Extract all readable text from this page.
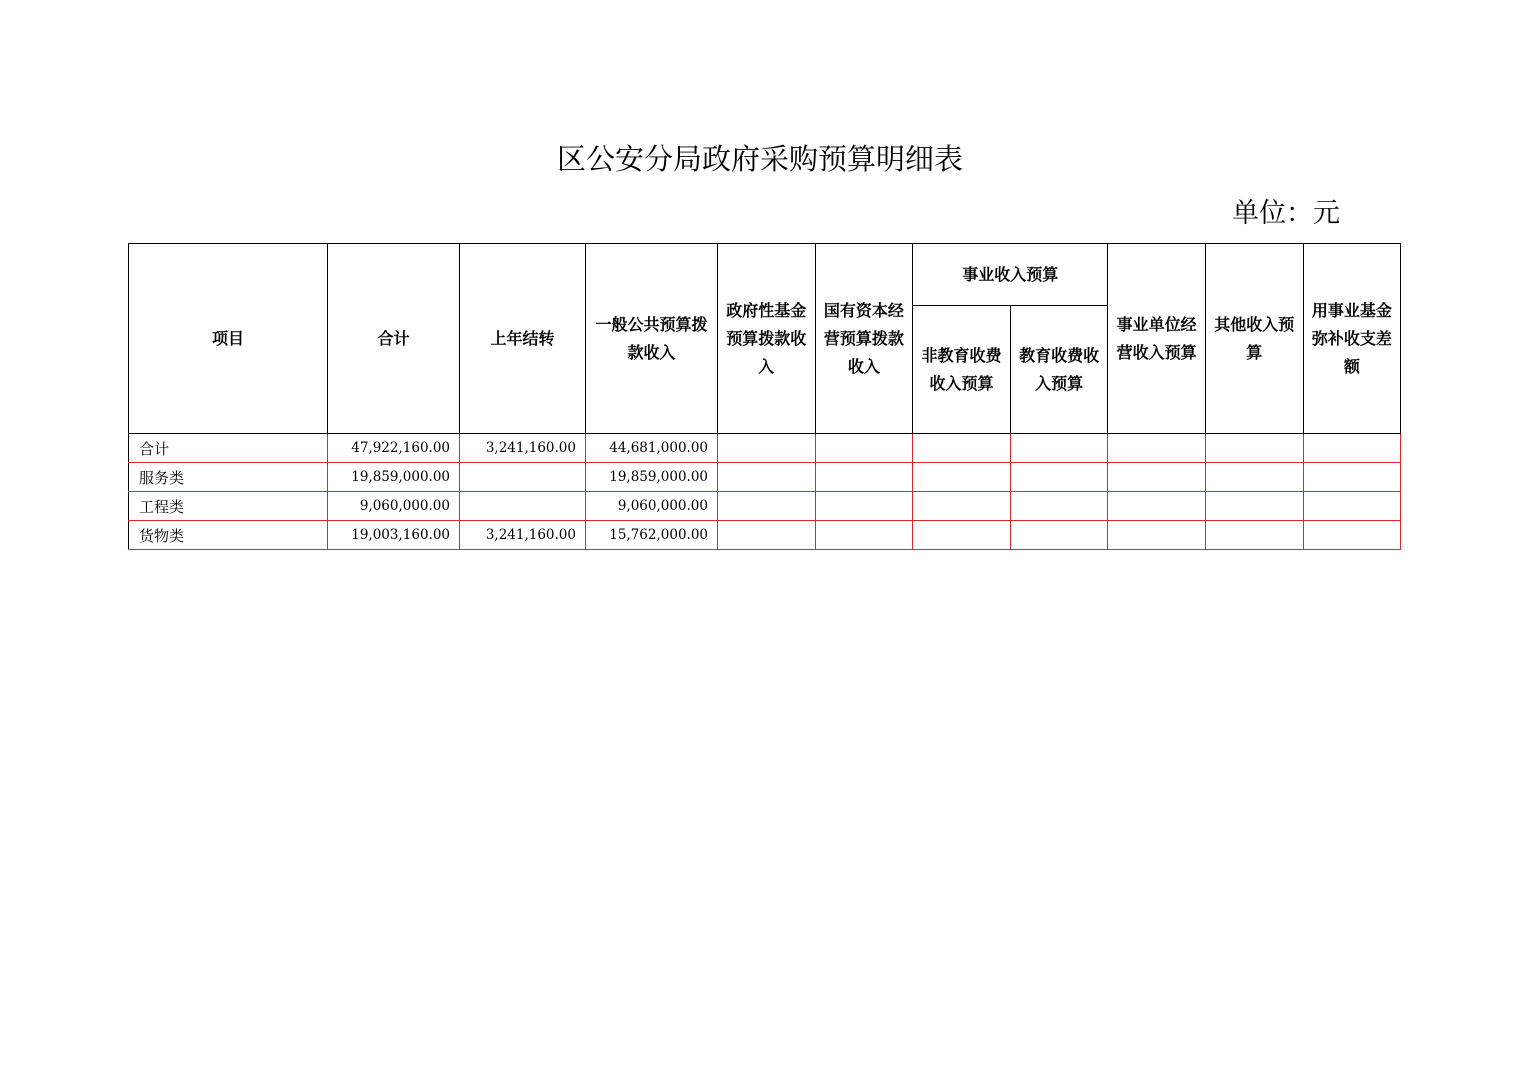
区公安分局政府采购预算明细表
单位：元
项目	合计	上年结转	一般公共预算拨款收入	政府性基金预算拨款收入	国有资本经营预算拨款收入	事业收入预算		事业单位经营收入预算	其他收入预算	用事业基金弥补收支差额
						非教育收费收入预算	教育收费收入预算			
合计	47,922,160.00	3,241,160.00	44,681,000.00							
服务类	19,859,000.00		19,859,000.00							
工程类	9,060,000.00		9,060,000.00							
货物类	19,003,160.00	3,241,160.00	15,762,000.00							
